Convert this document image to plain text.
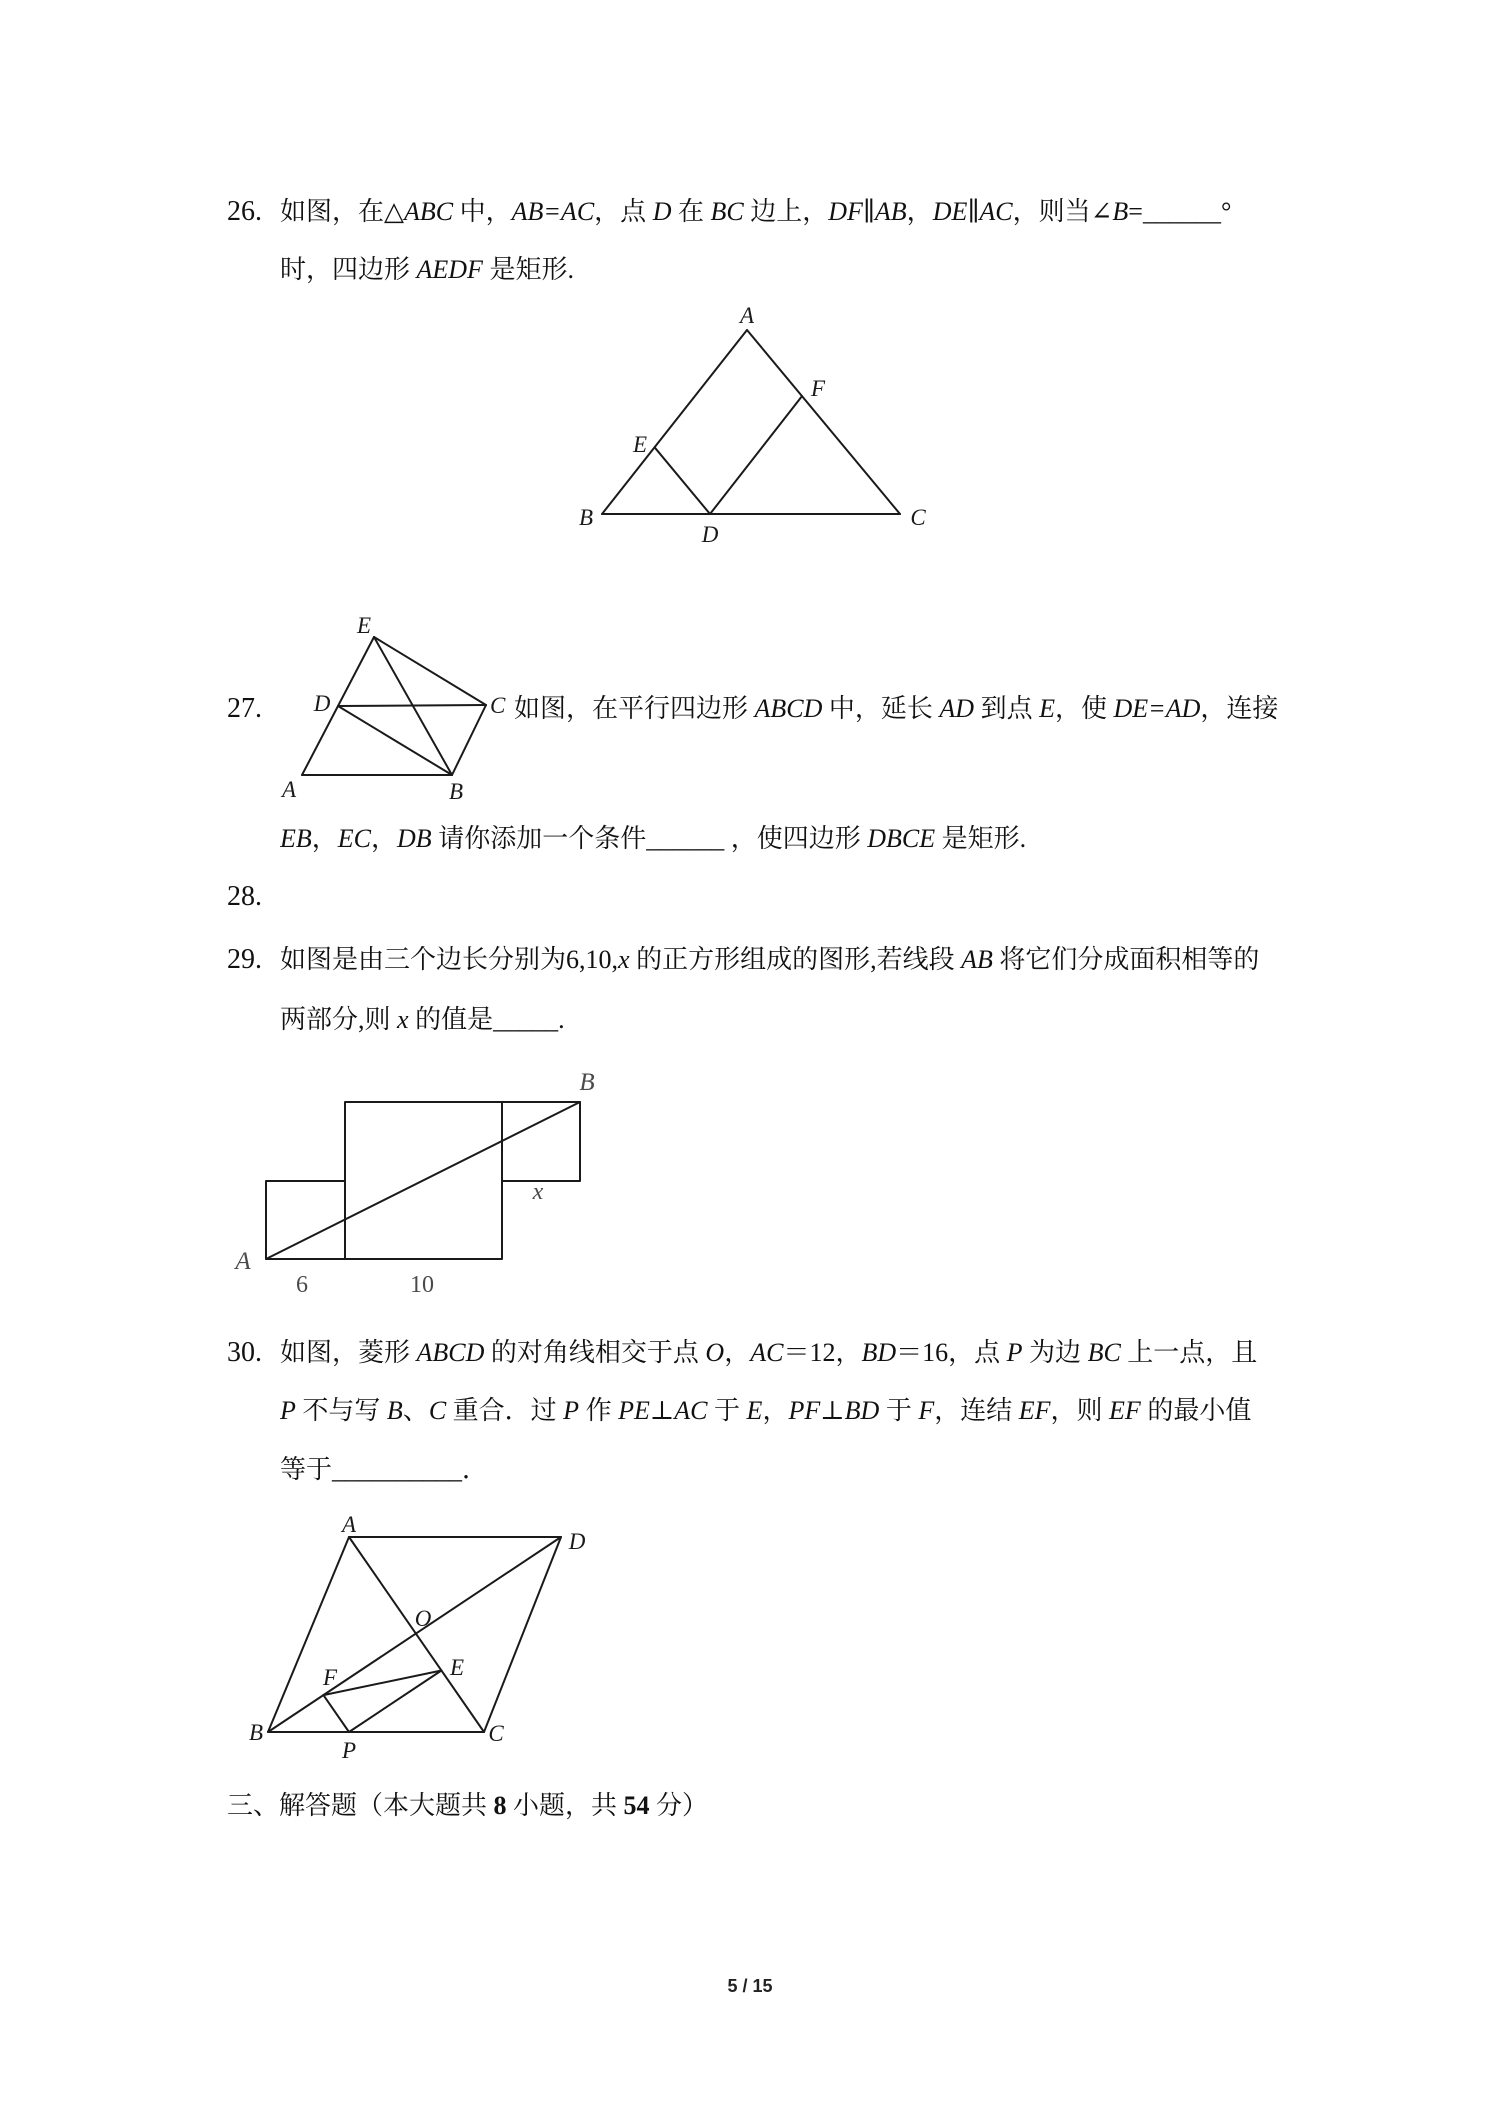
26. 如图，在△ABC 中，AB=AC，点 D 在 BC 边上，DF∥AB，DE∥AC，则当∠B=______°
时，四边形 AEDF 是矩形.
A
B	C
D
E
F
27.
E
D	C
A	B
如图，在平行四边形 ABCD 中，延长 AD 到点 E，使 DE=AD，连接
EB，EC，DB 请你添加一个条件______ ，使四边形 DBCE 是矩形.
28.
29. 如图是由三个边长分别为6,10,x 的正方形组成的图形,若线段 AB 将它们分成面积相等的
两部分,则 x 的值是_____.
A
B
6	10
x
30. 如图，菱形 ABCD 的对角线相交于点 O，AC＝12，BD＝16，点 P 为边 BC 上一点，且
P 不与写 B、C 重合．过 P 作 PE⊥AC 于 E，PF⊥BD 于 F，连结 EF，则 EF 的最小值
等于__________．
A
D
B	C
O
E
F
P
三、解答题（本大题共 8 小题，共 54 分）
5 / 15
